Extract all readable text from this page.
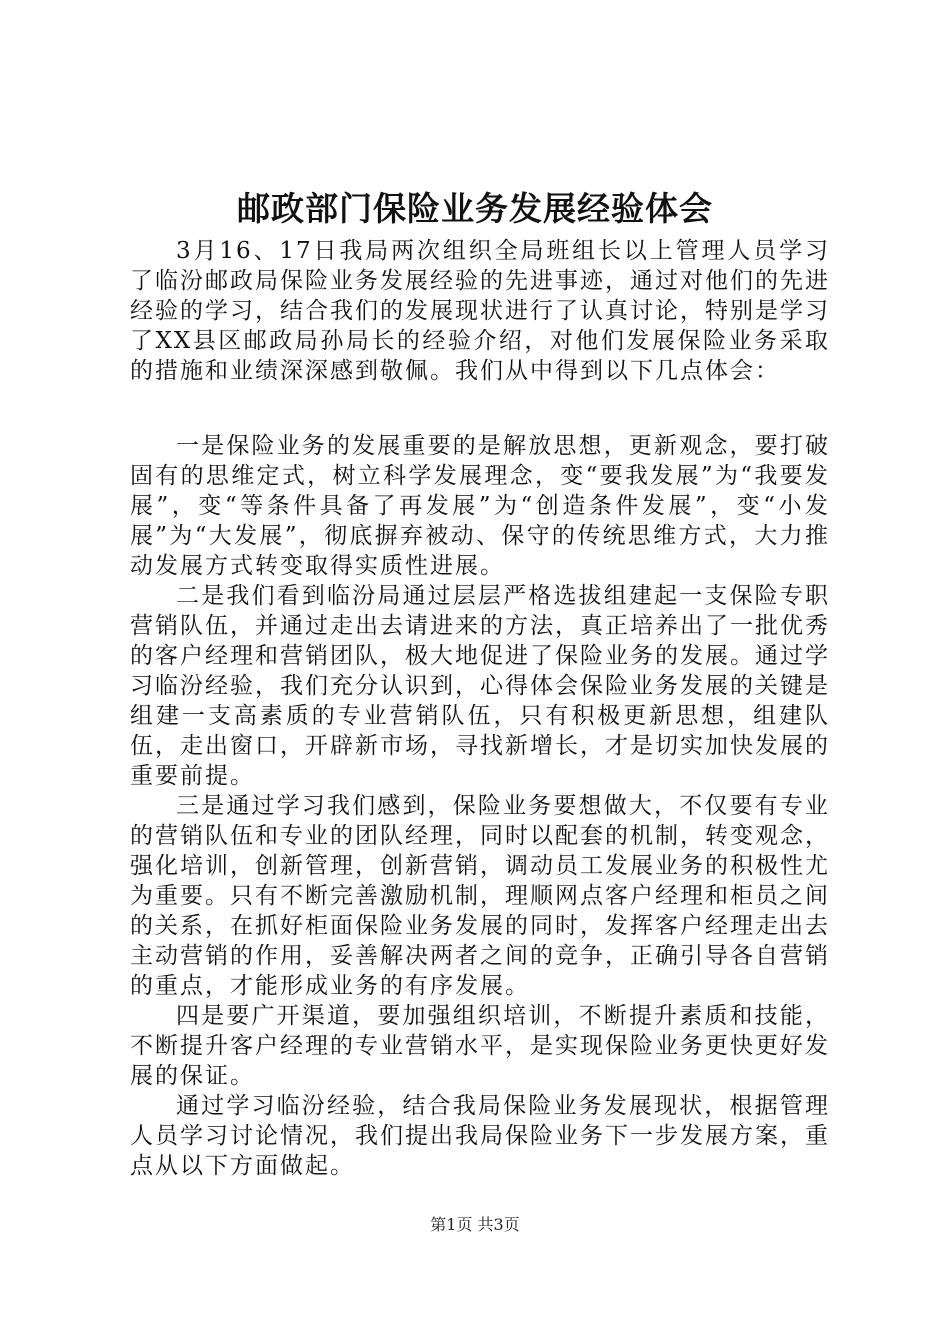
邮政部门保险业务发展经验体会

3月16、17日我局两次组织全局班组长以上管理人员学习了临汾邮政局保险业务发展经验的先进事迹，通过对他们的先进经验的学习，结合我们的发展现状进行了认真讨论，特别是学习了XX县区邮政局孙局长的经验介绍，对他们发展保险业务采取的措施和业绩深深感到敬佩。我们从中得到以下几点体会：

一是保险业务的发展重要的是解放思想，更新观念，要打破固有的思维定式，树立科学发展理念，变“要我发展”为“我要发展”，变“等条件具备了再发展”为“创造条件发展”，变“小发展”为“大发展”，彻底摒弃被动、保守的传统思维方式，大力推动发展方式转变取得实质性进展。

二是我们看到临汾局通过层层严格选拔组建起一支保险专职营销队伍，并通过走出去请进来的方法，真正培养出了一批优秀的客户经理和营销团队，极大地促进了保险业务的发展。通过学习临汾经验，我们充分认识到，心得体会保险业务发展的关键是组建一支高素质的专业营销队伍，只有积极更新思想，组建队伍，走出窗口，开辟新市场，寻找新增长，才是切实加快发展的重要前提。

三是通过学习我们感到，保险业务要想做大，不仅要有专业的营销队伍和专业的团队经理，同时以配套的机制，转变观念，强化培训，创新管理，创新营销，调动员工发展业务的积极性尤为重要。只有不断完善激励机制，理顺网点客户经理和柜员之间的关系，在抓好柜面保险业务发展的同时，发挥客户经理走出去主动营销的作用，妥善解决两者之间的竞争，正确引导各自营销的重点，才能形成业务的有序发展。

四是要广开渠道，要加强组织培训，不断提升素质和技能，不断提升客户经理的专业营销水平，是实现保险业务更快更好发展的保证。

通过学习临汾经验，结合我局保险业务发展现状，根据管理人员学习讨论情况，我们提出我局保险业务下一步发展方案，重点从以下方面做起。

第1页 共3页
